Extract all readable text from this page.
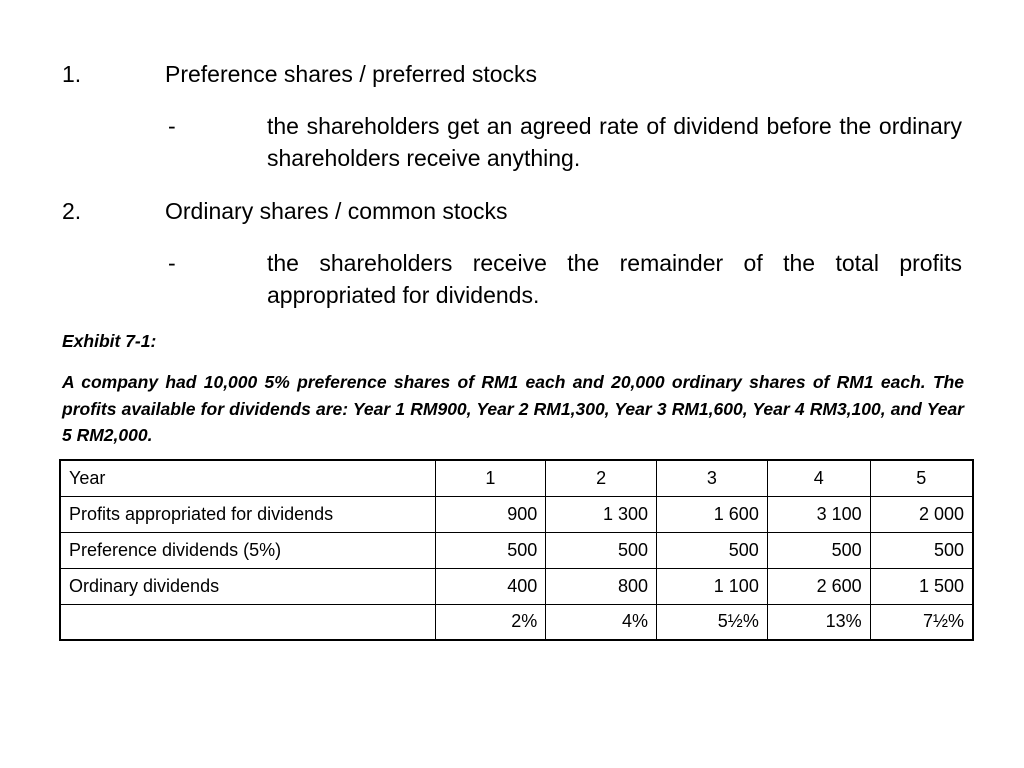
1.	Preference shares / preferred stocks
-	the shareholders get an agreed rate of dividend before the ordinary shareholders receive anything.
2.	Ordinary shares / common stocks
-	the shareholders receive the remainder of the total profits appropriated for dividends.
Exhibit 7-1:
A company had 10,000 5% preference shares of RM1 each and 20,000 ordinary shares of RM1 each. The profits available for dividends are: Year 1 RM900, Year 2 RM1,300, Year 3 RM1,600, Year 4 RM3,100, and Year 5 RM2,000.
Year	1	2	3	4	5
Profits appropriated for dividends	900	1 300	1 600	3 100	2 000
Preference dividends (5%)	500	500	500	500	500
Ordinary dividends	400	800	1 100	2 600	1 500
	2%	4%	5½%	13%	7½%
